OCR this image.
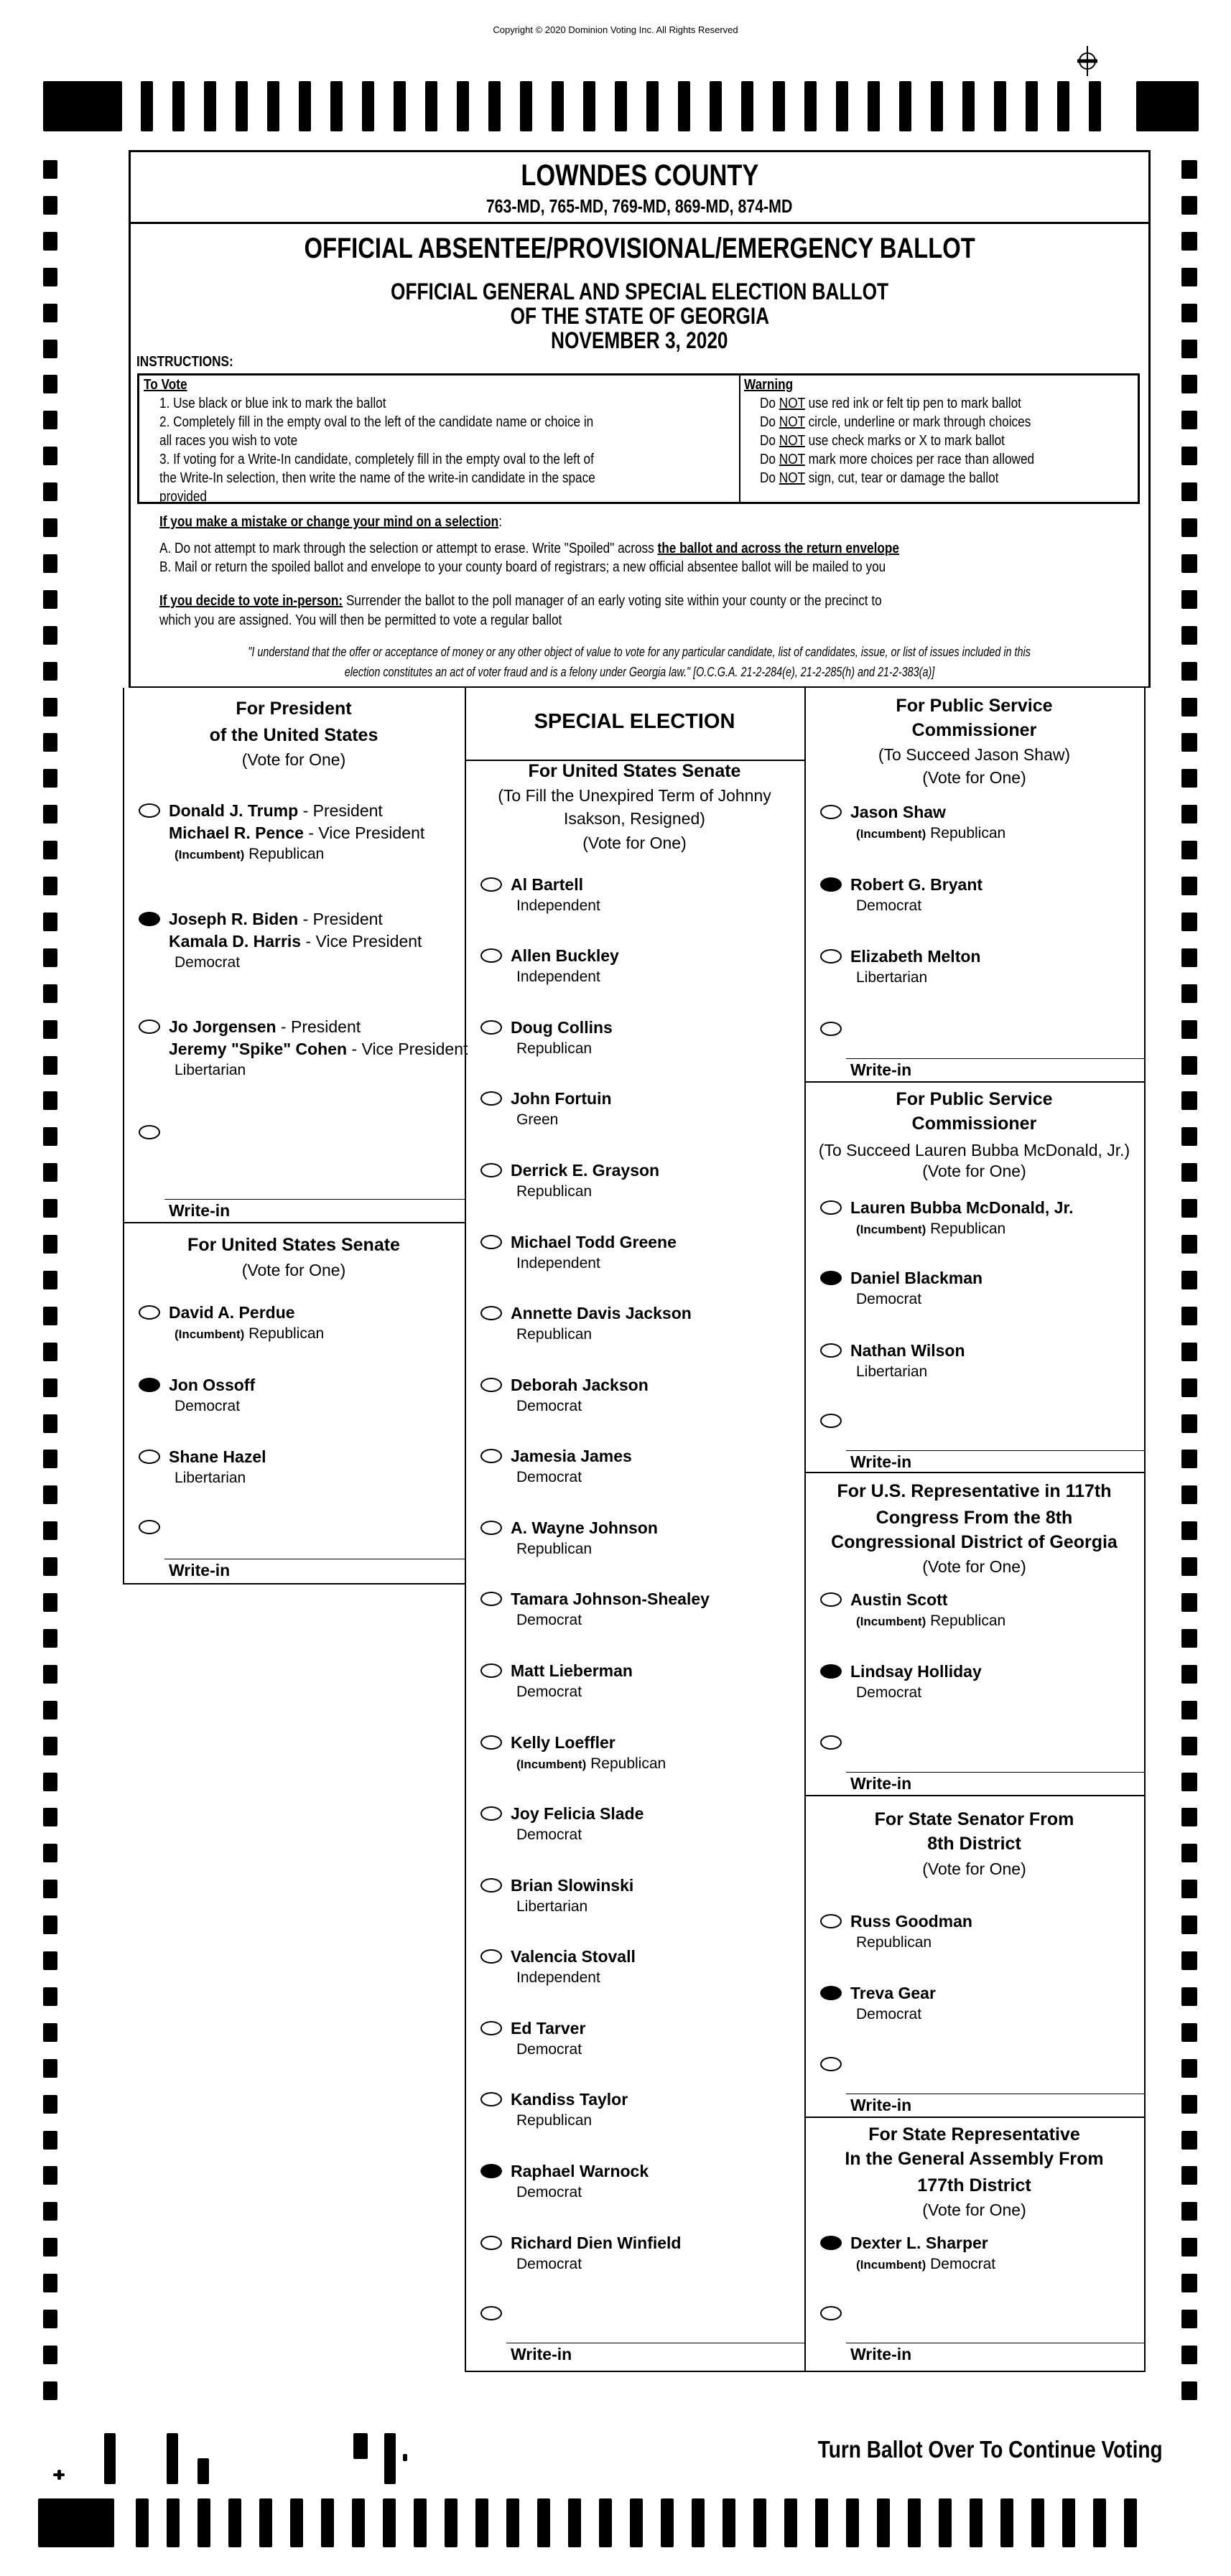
Copyright © 2020 Dominion Voting Inc. All Rights Reserved
LOWNDES COUNTY
763-MD, 765-MD, 769-MD, 869-MD, 874-MD
OFFICIAL ABSENTEE/PROVISIONAL/EMERGENCY BALLOT
OFFICIAL GENERAL AND SPECIAL ELECTION BALLOT
OF THE STATE OF GEORGIA
NOVEMBER 3, 2020
INSTRUCTIONS:
To Vote
1. Use black or blue ink to mark the ballot
2. Completely fill in the empty oval to the left of the candidate name or choice in
all races you wish to vote
3. If voting for a Write-In candidate, completely fill in the empty oval to the left of
the Write-In selection, then write the name of the write-in candidate in the space
provided
Warning
Do NOT use red ink or felt tip pen to mark ballot
Do NOT circle, underline or mark through choices
Do NOT use check marks or X to mark ballot
Do NOT mark more choices per race than allowed
Do NOT sign, cut, tear or damage the ballot
If you make a mistake or change your mind on a selection:
A. Do not attempt to mark through the selection or attempt to erase. Write "Spoiled" across the ballot and across the return envelope
B. Mail or return the spoiled ballot and envelope to your county board of registrars; a new official absentee ballot will be mailed to you
If you decide to vote in-person: Surrender the ballot to the poll manager of an early voting site within your county or the precinct to
which you are assigned. You will then be permitted to vote a regular ballot
"I understand that the offer or acceptance of money or any other object of value to vote for any particular candidate, list of candidates, issue, or list of issues included in this
election constitutes an act of voter fraud and is a felony under Georgia law." [O.C.G.A. 21-2-284(e), 21-2-285(h) and 21-2-383(a)]
SPECIAL ELECTION
For President
of the United States
(Vote for One)
Donald J. Trump - President
Michael R. Pence - Vice President
(Incumbent) Republican
Joseph R. Biden - President
Kamala D. Harris - Vice President
Democrat
Jo Jorgensen - President
Jeremy "Spike" Cohen - Vice President
Libertarian
Write-in
For United States Senate
(Vote for One)
David A. Perdue
(Incumbent) Republican
Jon Ossoff
Democrat
Shane Hazel
Libertarian
Write-in
For United States Senate
(To Fill the Unexpired Term of Johnny
Isakson, Resigned)
(Vote for One)
Al Bartell
Independent
Allen Buckley
Independent
Doug Collins
Republican
John Fortuin
Green
Derrick E. Grayson
Republican
Michael Todd Greene
Independent
Annette Davis Jackson
Republican
Deborah Jackson
Democrat
Jamesia James
Democrat
A. Wayne Johnson
Republican
Tamara Johnson-Shealey
Democrat
Matt Lieberman
Democrat
Kelly Loeffler
(Incumbent) Republican
Joy Felicia Slade
Democrat
Brian Slowinski
Libertarian
Valencia Stovall
Independent
Ed Tarver
Democrat
Kandiss Taylor
Republican
Raphael Warnock
Democrat
Richard Dien Winfield
Democrat
Write-in
For Public Service
Commissioner
(To Succeed Jason Shaw)
(Vote for One)
Jason Shaw
(Incumbent) Republican
Robert G. Bryant
Democrat
Elizabeth Melton
Libertarian
Write-in
For Public Service
Commissioner
(To Succeed Lauren Bubba McDonald, Jr.)
(Vote for One)
Lauren Bubba McDonald, Jr.
(Incumbent) Republican
Daniel Blackman
Democrat
Nathan Wilson
Libertarian
Write-in
For U.S. Representative in 117th
Congress From the 8th
Congressional District of Georgia
(Vote for One)
Austin Scott
(Incumbent) Republican
Lindsay Holliday
Democrat
Write-in
For State Senator From
8th District
(Vote for One)
Russ Goodman
Republican
Treva Gear
Democrat
Write-in
For State Representative
In the General Assembly From
177th District
(Vote for One)
Dexter L. Sharper
(Incumbent) Democrat
Write-in
Turn Ballot Over To Continue Voting
